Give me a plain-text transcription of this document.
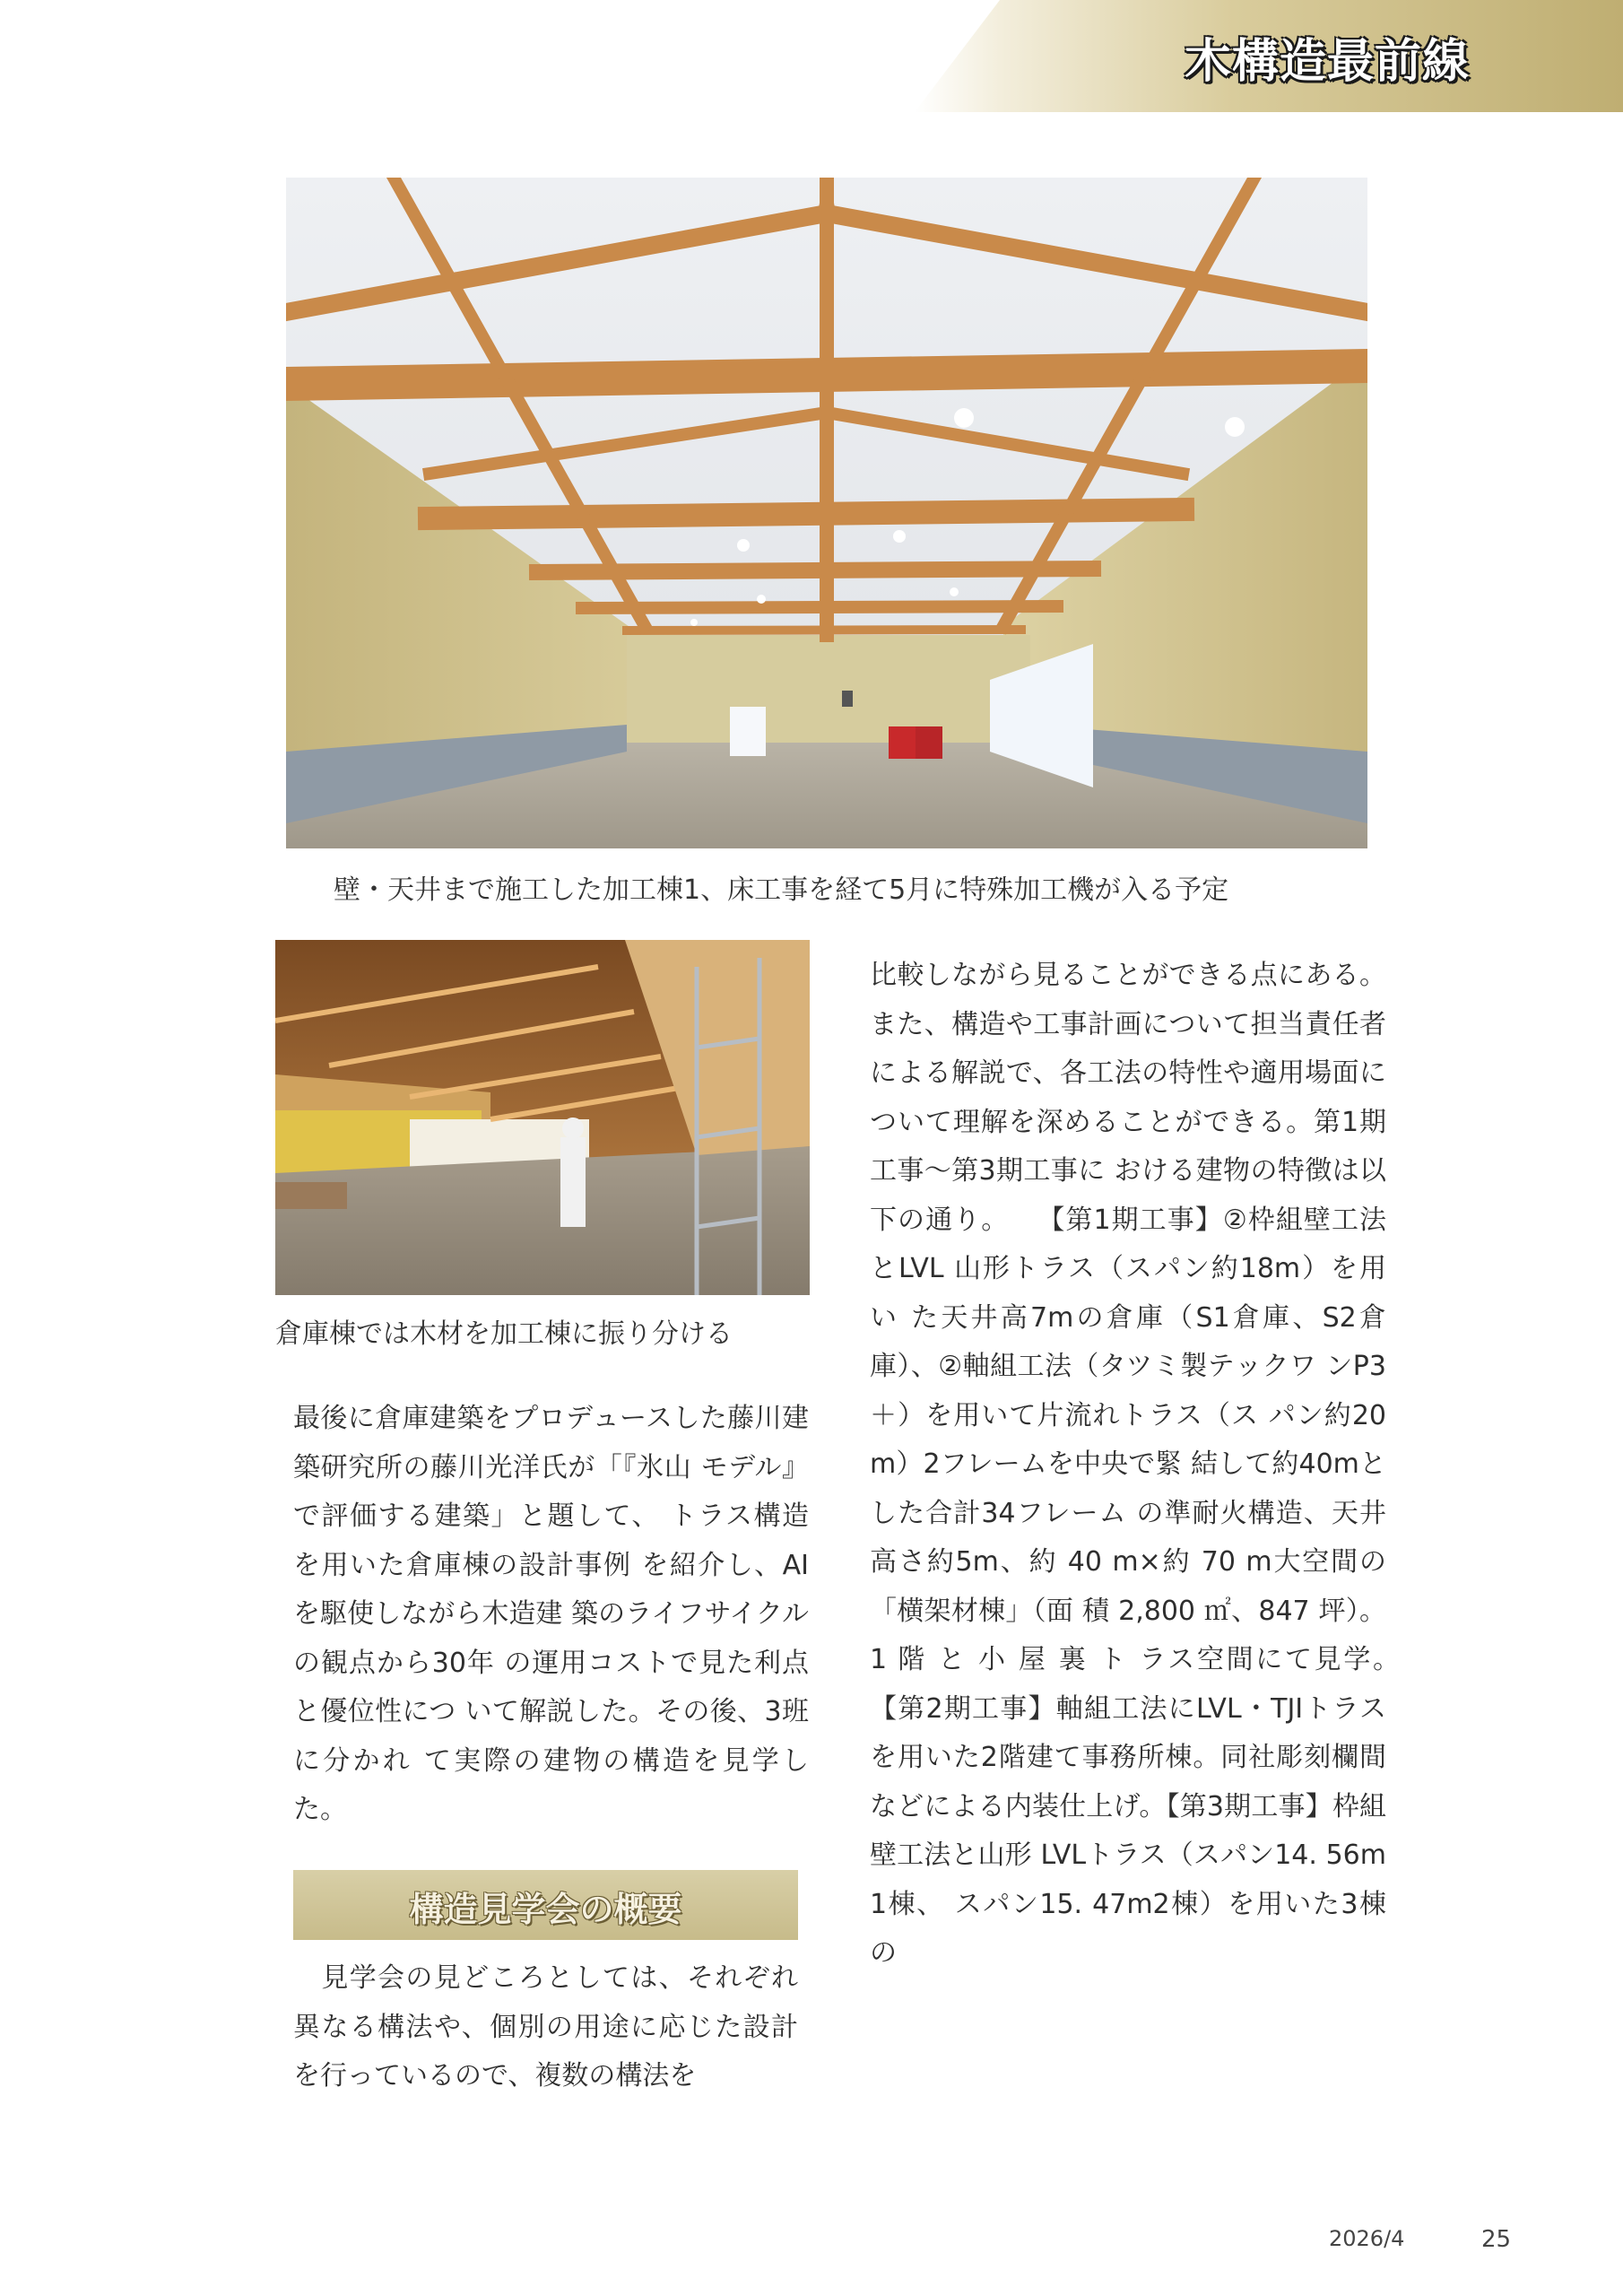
木構造最前線
壁・天井まで施工した加工棟1、床工事を経て5月に特殊加工機が入る予定
倉庫棟では木材を加工棟に振り分ける
最後に倉庫建築をプロデュースした藤川建築研究所の藤川光洋氏が「『氷山 モデル』で評価する建築」と題して、 トラス構造を用いた倉庫棟の設計事例 を紹介し、AIを駆使しながら木造建 築のライフサイクルの観点から30年 の運用コストで見た利点と優位性につ いて解説した。その後、3班に分かれ て実際の建物の構造を見学した。
構造見学会の概要
　見学会の見どころとしては、それぞれ異なる構法や、個別の用途に応じた設計を行っているので、複数の構法を
比較しながら見ることができる点にある。また、構造や工事計画について担当責任者による解説で、各工法の特性や適用場面について理解を深めることができる。第1期工事～第3期工事に おける建物の特徴は以下の通り。　　【第1期工事】②枠組壁工法とLVL 山形トラス（スパン約18m）を用い た天井高7mの倉庫（S1倉庫、S2倉 庫）、②軸組工法（タツミ製テックワ ンP3＋）を用いて片流れトラス（ス パン約20m）2フレームを中央で緊 結して約40mとした合計34フレーム の準耐火構造、天井高さ約5m、約 40 m×約 70 m大空間の「横架材棟」（面 積 2,800 ㎡、847 坪）。1 階 と 小 屋 裏 ト ラス空間にて見学。　　【第2期工事】軸組工法にLVL・TJIトラスを用いた2階建て事務所棟。同社彫刻欄間などによる内装仕上げ。【第3期工事】枠組壁工法と山形 LVLトラス（スパン14. 56m1棟、 スパン15. 47m2棟）を用いた3棟の
2026/4	25
